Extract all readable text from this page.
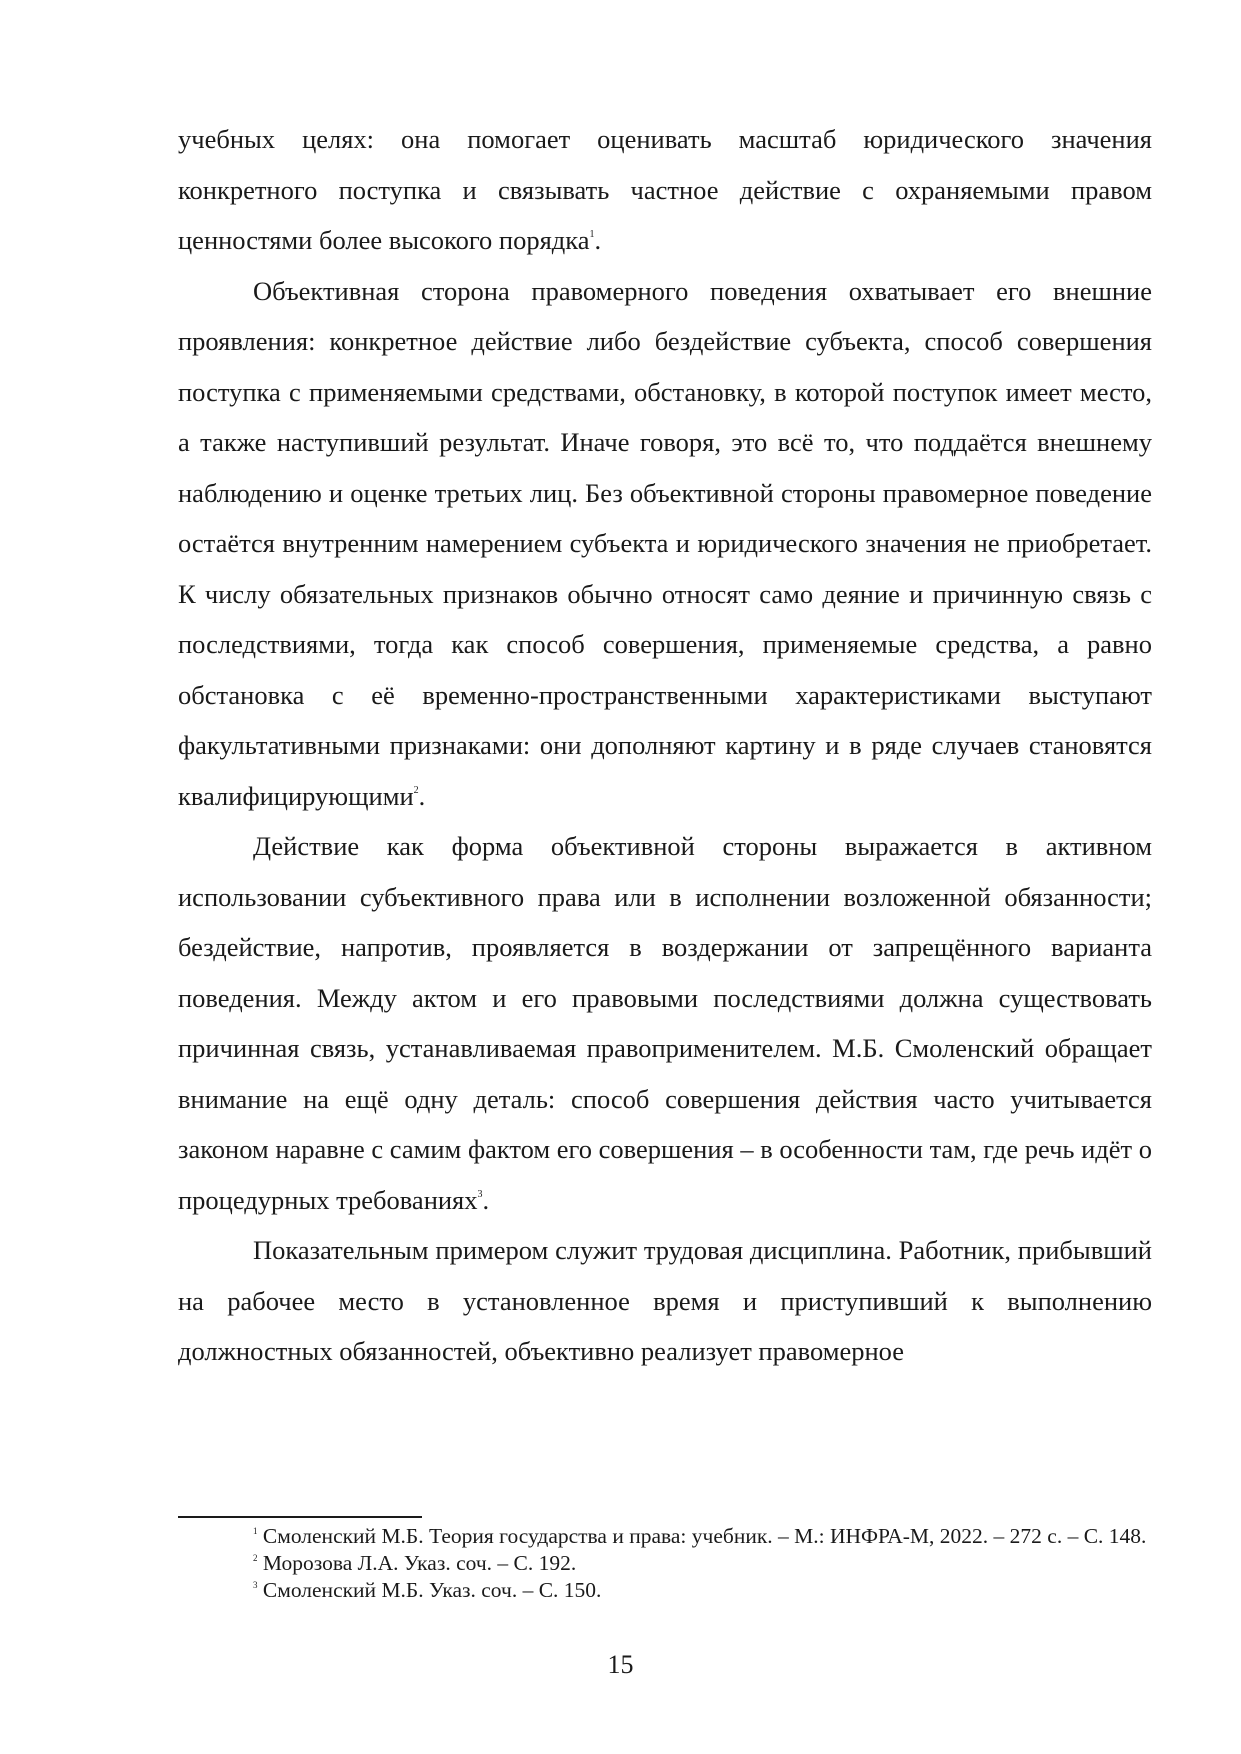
учебных целях: она помогает оценивать масштаб юридического значения конкретного поступка и связывать частное действие с охраняемыми правом ценностями более высокого порядка$^1$.

Объективная сторона правомерного поведения охватывает его внешние проявления: конкретное действие либо бездействие субъекта, способ совершения поступка с применяемыми средствами, обстановку, в которой поступок имеет место, а также наступивший результат. Иначе говоря, это всё то, что поддаётся внешнему наблюдению и оценке третьих лиц. Без объективной стороны правомерное поведение остаётся внутренним намерением субъекта и юридического значения не приобретает. К числу обязательных признаков обычно относят само деяние и причинную связь с последствиями, тогда как способ совершения, применяемые средства, а равно обстановка с её временно-пространственными характеристиками выступают факультативными признаками: они дополняют картину и в ряде случаев становятся квалифицирующими$^2$.

Действие как форма объективной стороны выражается в активном использовании субъективного права или в исполнении возложенной обязанности; бездействие, напротив, проявляется в воздержании от запрещённого варианта поведения. Между актом и его правовыми последствиями должна существовать причинная связь, устанавливаемая правоприменителем. М.Б. Смоленский обращает внимание на ещё одну деталь: способ совершения действия часто учитывается законом наравне с самим фактом его совершения – в особенности там, где речь идёт о процедурных требованиях$^3$.

Показательным примером служит трудовая дисциплина. Работник, прибывший на рабочее место в установленное время и приступивший к выполнению должностных обязанностей, объективно реализует правомерное

$^1$ Смоленский М.Б. Теория государства и права: учебник. – М.: ИНФРА-М, 2022. – 272 с. – С. 148.

$^2$ Морозова Л.А. Указ. соч. – С. 192.

$^3$ Смоленский М.Б. Указ. соч. – С. 150.

15
